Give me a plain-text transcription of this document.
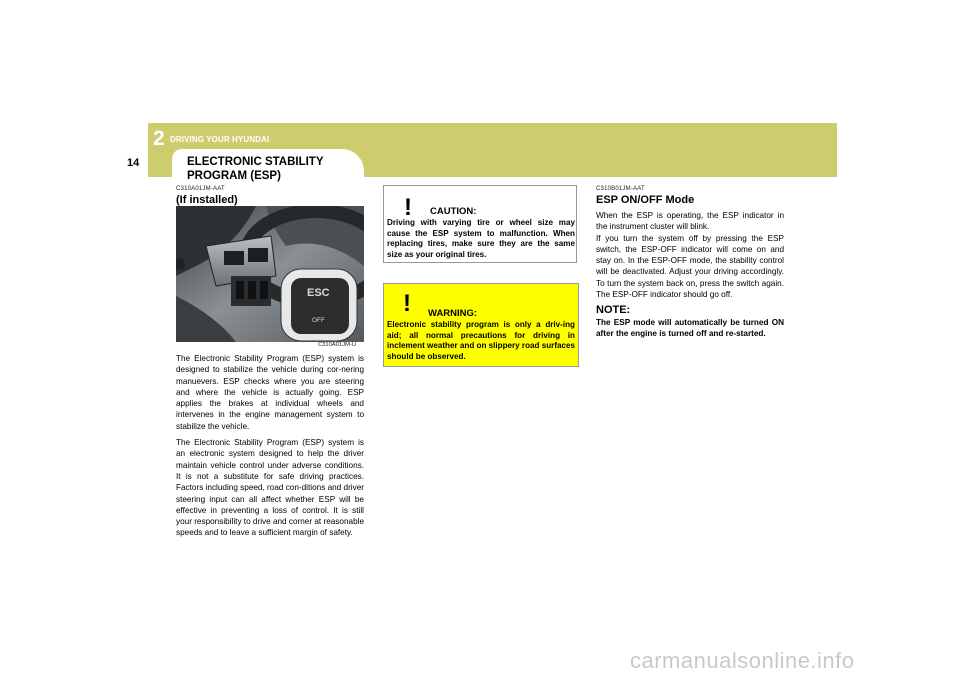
2 DRIVING YOUR HYUNDAI
14	ELECTRONIC STABILITY
PROGRAM (ESP)
C310A01JM-AAT
(If installed)
ESC
OFF
C310A01JM-U

The Electronic Stability Program (ESP) system is designed to stabilize the vehicle during cor-nering manuevers. ESP checks where you are steering and where the vehicle is actually going. ESP applies the brakes at individual wheels and intervenes in the engine management system to stabilize the vehicle.

The Electronic Stability Program (ESP) system is an electronic system designed to help the driver maintain vehicle control under adverse conditions. It is not a substitute for safe driving practices. Factors including speed, road con-ditions and driver steering input can all affect whether ESP will be effective in preventing a loss of control. It is still your responsibility to drive and corner at reasonable speeds and to leave a sufficient margin of safety.

! CAUTION:
Driving with varying tire or wheel size may cause the ESP system to malfunction. When replacing tires, make sure they are the same size as your original tires.
! WARNING:
Electronic stability program is only a driv-ing aid; all normal precautions for driving in inclement weather and on slippery road surfaces should be observed.
C310B01JM-AAT
ESP ON/OFF Mode
When the ESP is operating, the ESP indicator in the instrument cluster will blink.
If you turn the system off by pressing the ESP switch, the ESP-OFF indicator will come on and stay on. In the ESP-OFF mode, the stability control will be deactivated. Adjust your driving accordingly. To turn the system back on, press the switch again. The ESP-OFF indicator should go off.
NOTE:
The ESP mode will automatically be turned ON after the engine is turned off and re-started.
carmanualsonline.info
